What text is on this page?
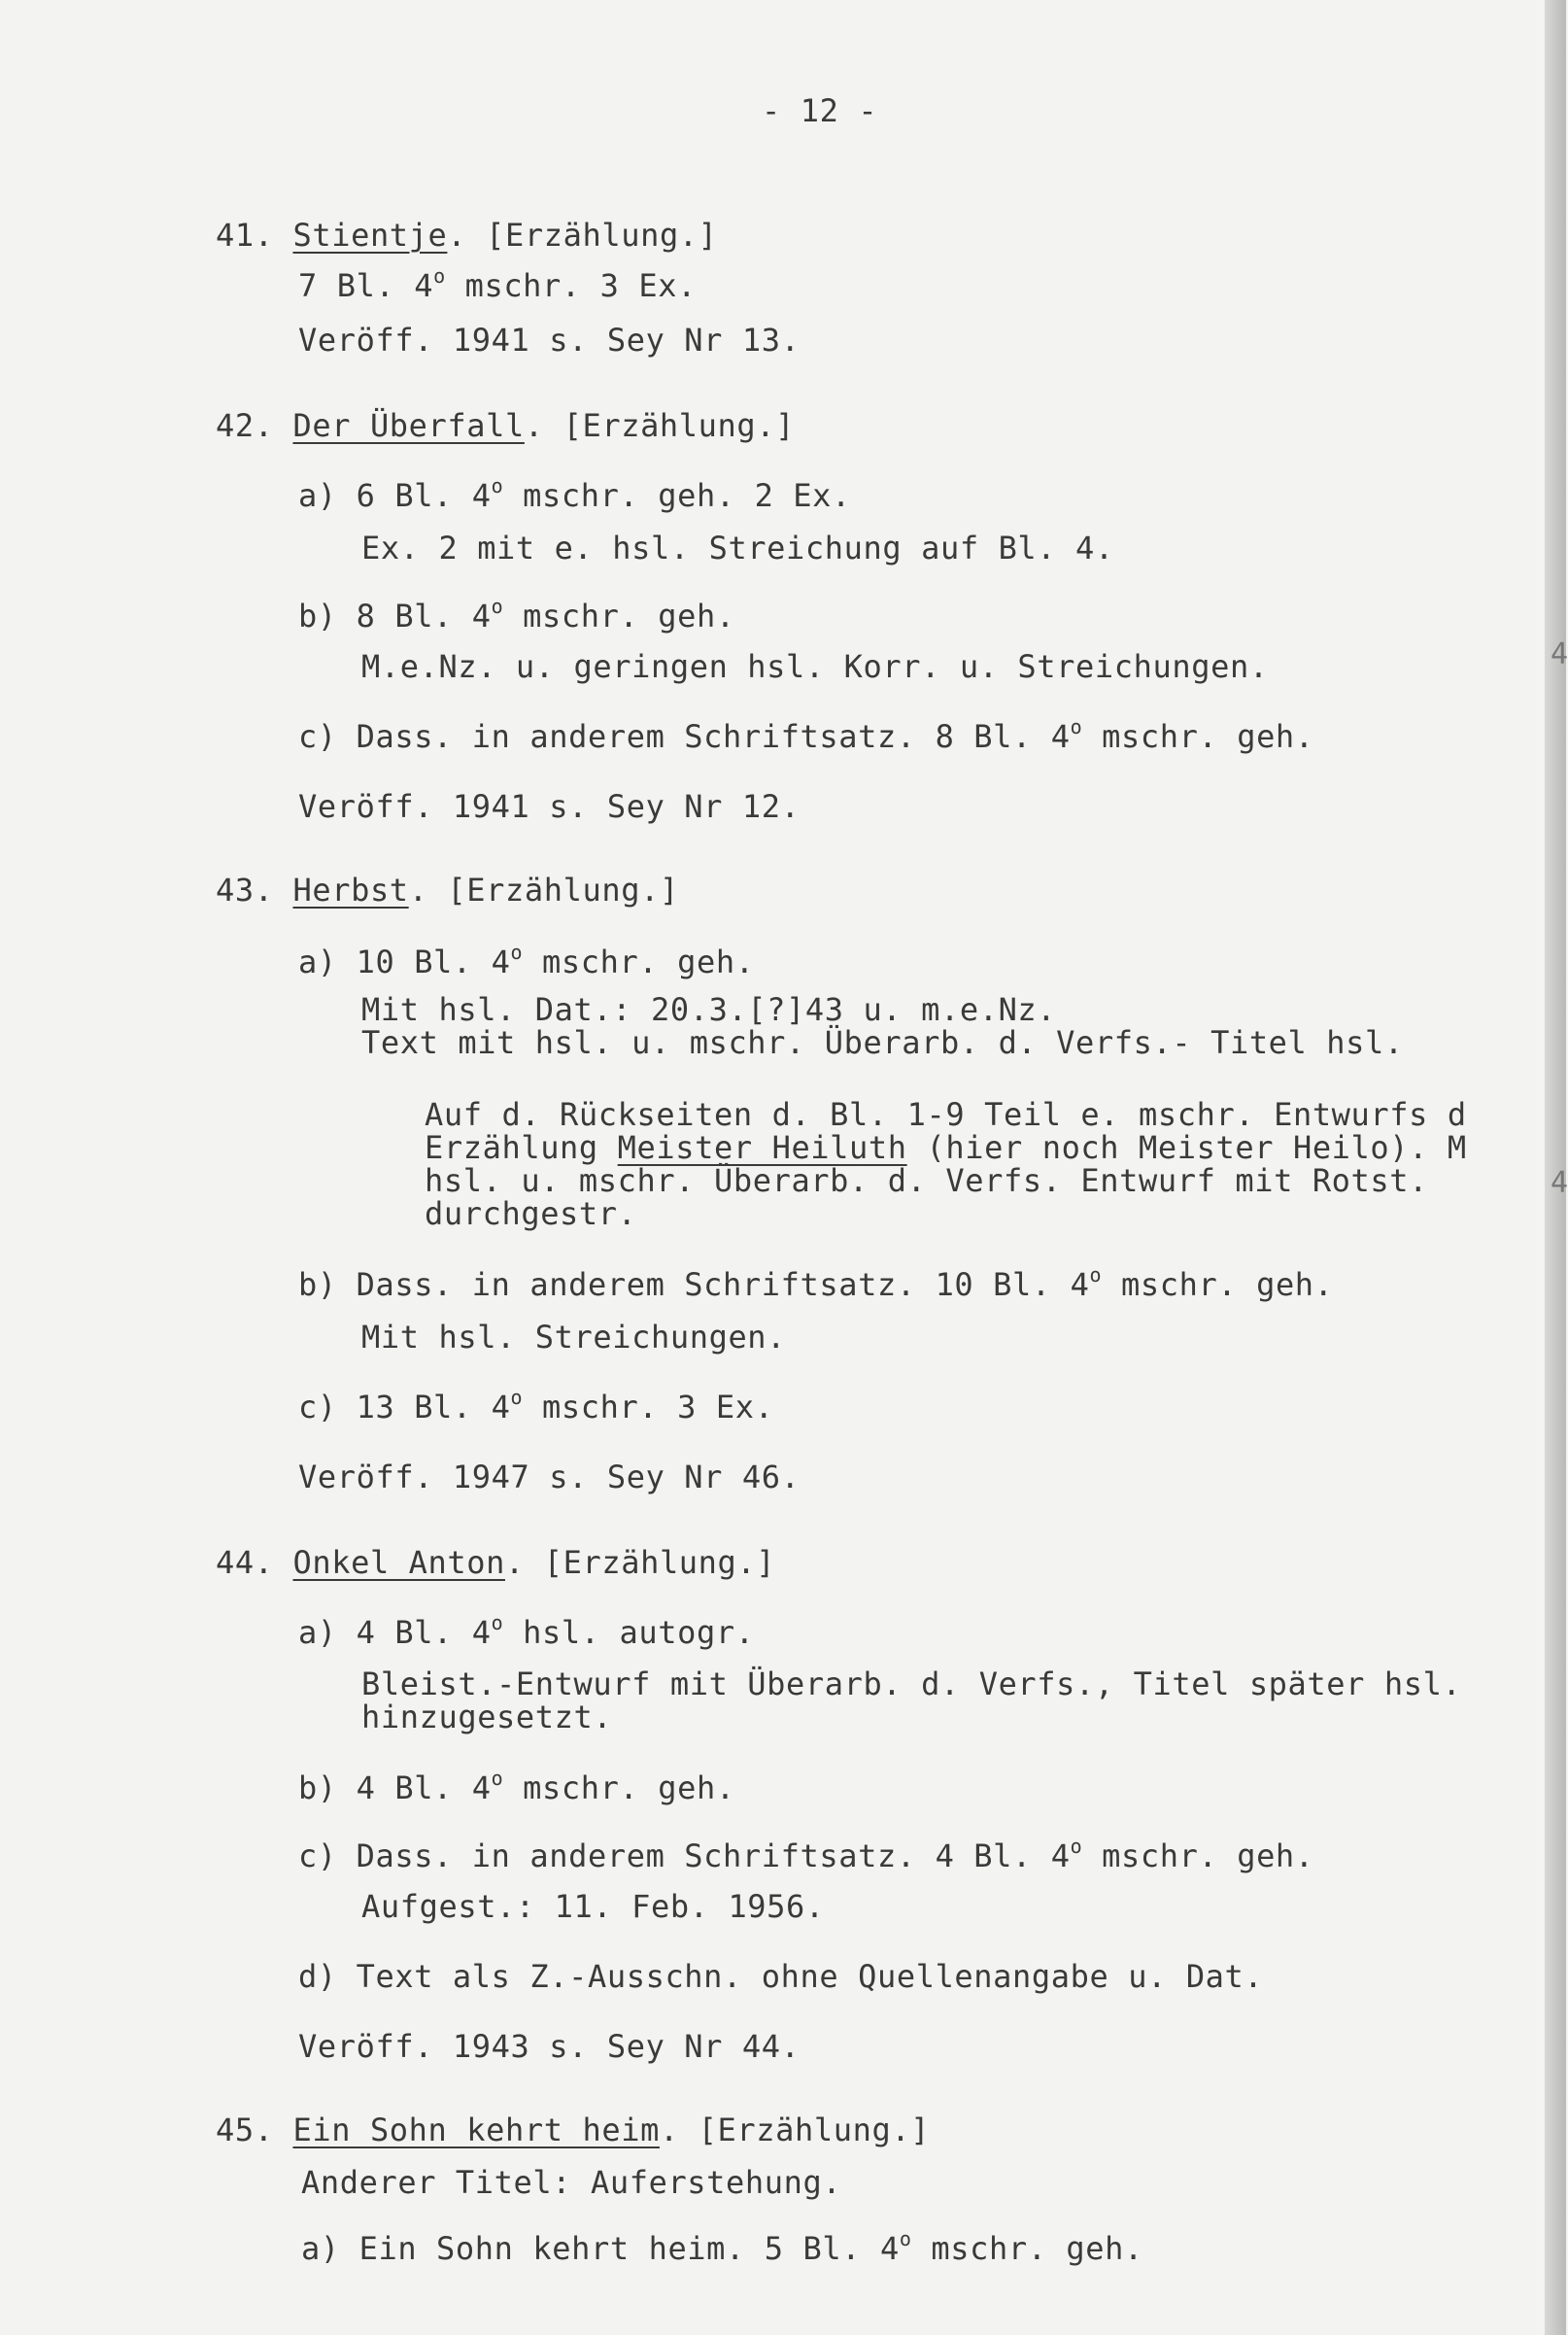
- 12 -
41. Stientje. [Erzählung.]
7 Bl. 4$^o$ mschr. 3 Ex.
Veröff. 1941 s. Sey Nr 13.
42. Der Überfall. [Erzählung.]
a) 6 Bl. 4$^o$ mschr. geh. 2 Ex.
Ex. 2 mit e. hsl. Streichung auf Bl. 4.
b) 8 Bl. 4$^o$ mschr. geh.
M.e.Nz. u. geringen hsl. Korr. u. Streichungen.
c) Dass. in anderem Schriftsatz. 8 Bl. 4$^o$ mschr. geh.
Veröff. 1941 s. Sey Nr 12.
43. Herbst. [Erzählung.]
a) 10 Bl. 4$^o$ mschr. geh.
Mit hsl. Dat.: 20.3.[?]43 u. m.e.Nz.
Text mit hsl. u. mschr. Überarb. d. Verfs.- Titel hsl.
Auf d. Rückseiten d. Bl. 1-9 Teil e. mschr. Entwurfs d
Erzählung Meister Heiluth (hier noch Meister Heilo). M
hsl. u. mschr. Überarb. d. Verfs. Entwurf mit Rotst.
durchgestr.
b) Dass. in anderem Schriftsatz. 10 Bl. 4$^o$ mschr. geh.
Mit hsl. Streichungen.
c) 13 Bl. 4$^o$ mschr. 3 Ex.
Veröff. 1947 s. Sey Nr 46.
44. Onkel Anton. [Erzählung.]
a) 4 Bl. 4$^o$ hsl. autogr.
Bleist.-Entwurf mit Überarb. d. Verfs., Titel später hsl.
hinzugesetzt.
b) 4 Bl. 4$^o$ mschr. geh.
c) Dass. in anderem Schriftsatz. 4 Bl. 4$^o$ mschr. geh.
Aufgest.: 11. Feb. 1956.
d) Text als Z.-Ausschn. ohne Quellenangabe u. Dat.
Veröff. 1943 s. Sey Nr 44.
45. Ein Sohn kehrt heim. [Erzählung.]
Anderer Titel: Auferstehung.
a) Ein Sohn kehrt heim. 5 Bl. 4$^o$ mschr. geh.
4
4
